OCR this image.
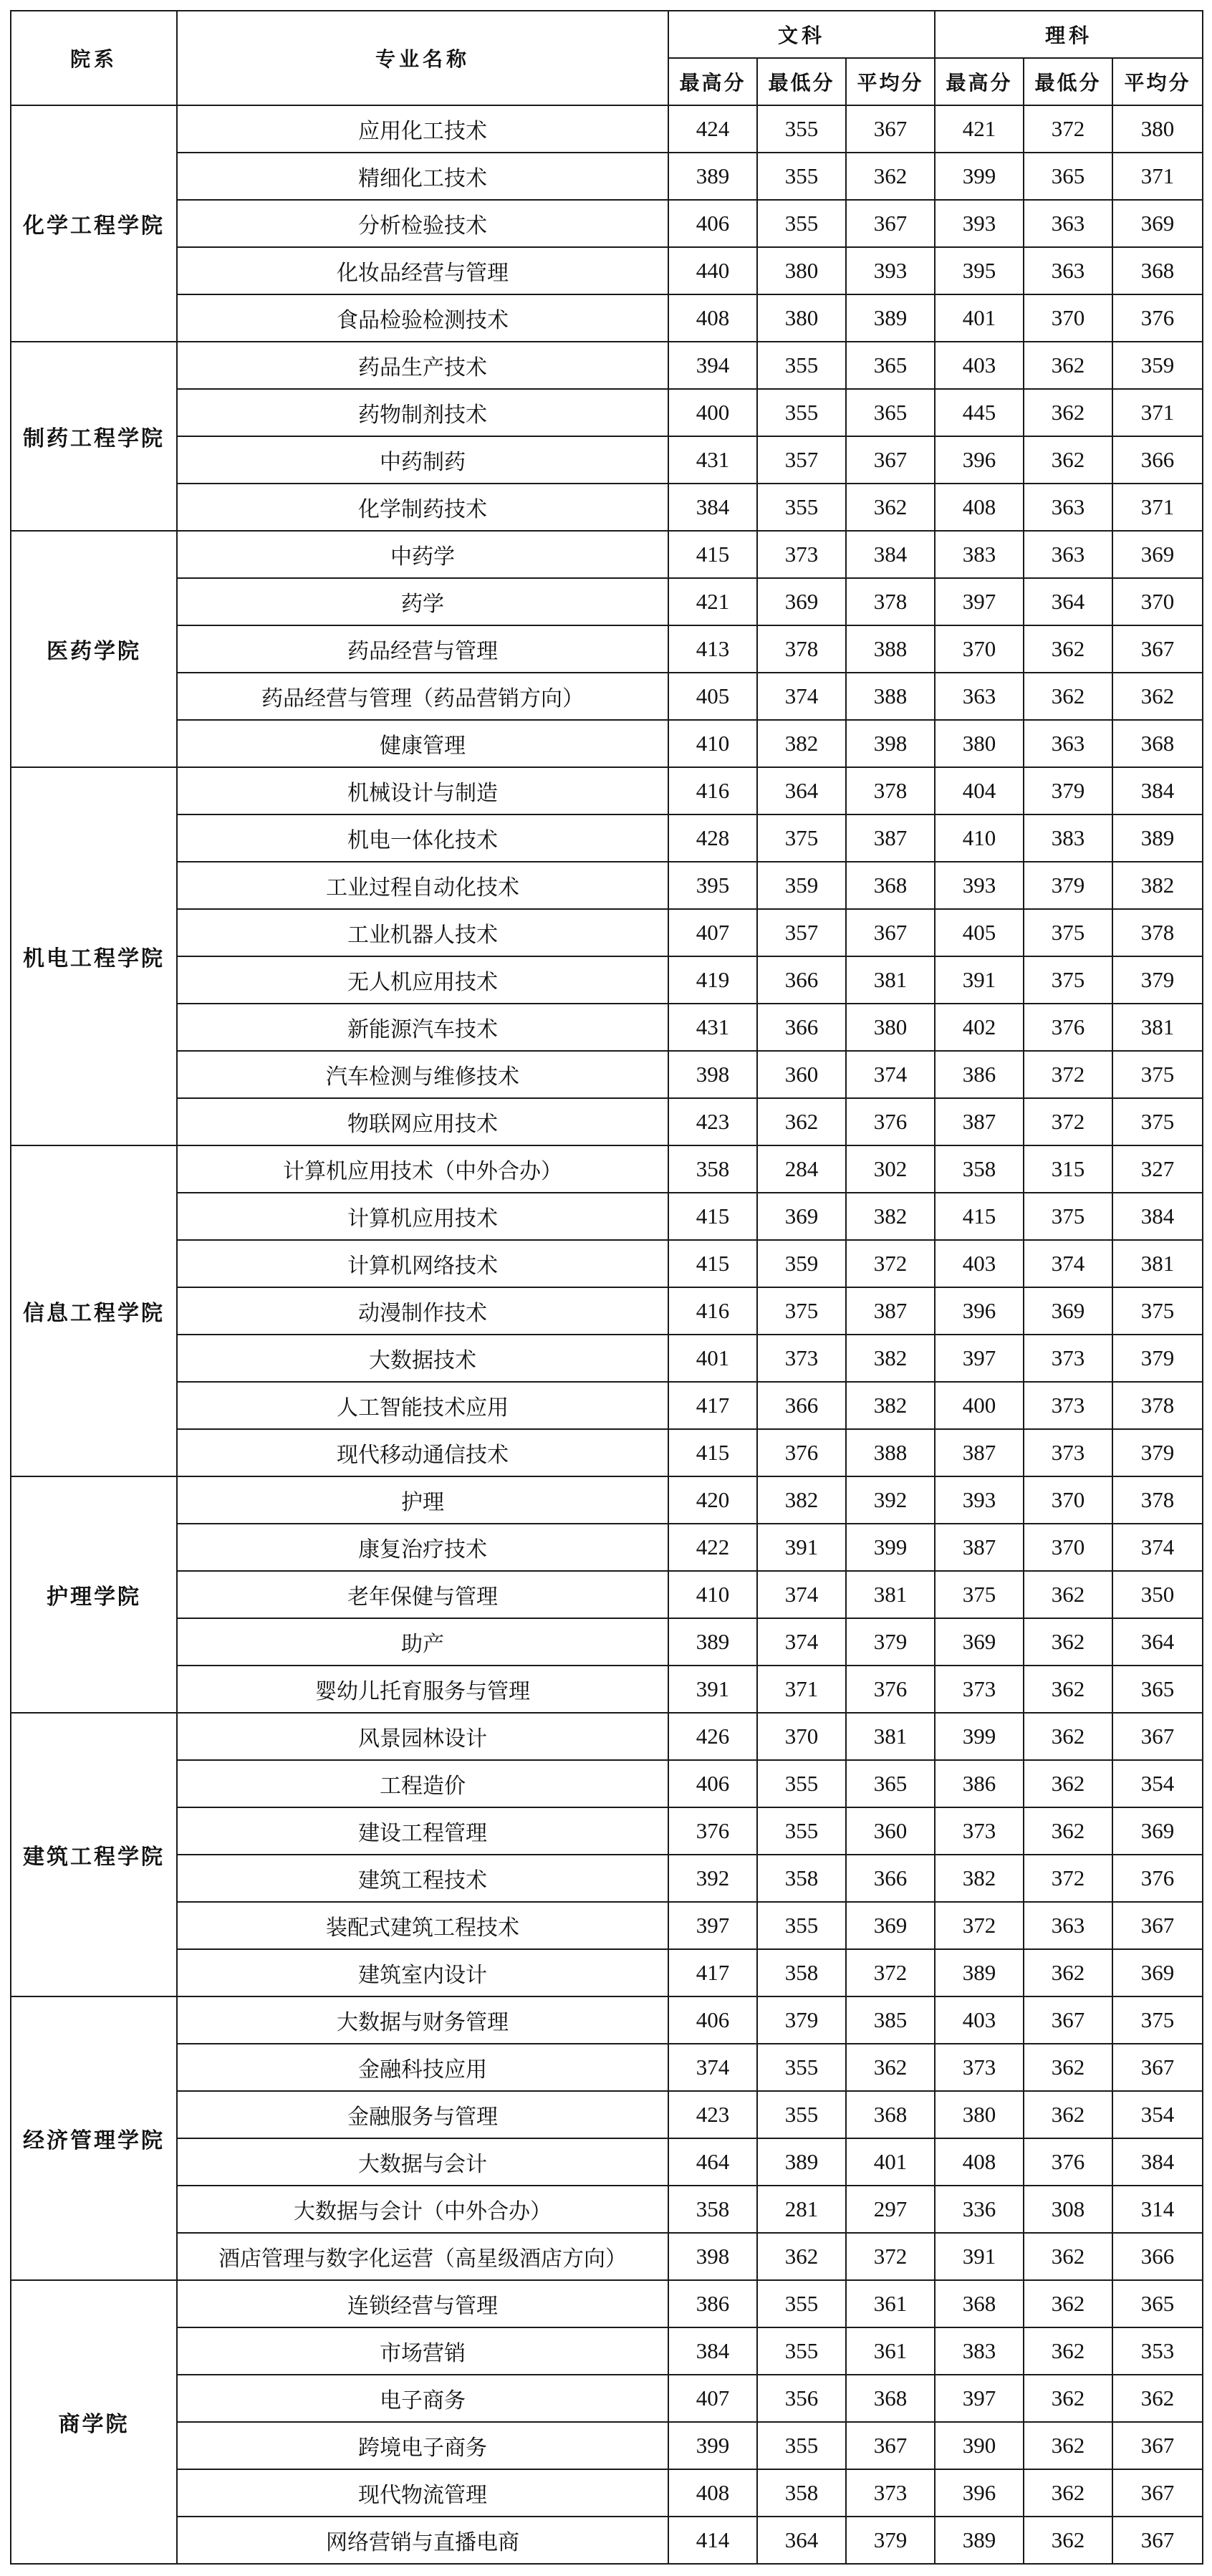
院系	专业名称	文科			理科		
		最高分	最低分	平均分	最高分	最低分	平均分
化学工程学院	应用化工技术	424	355	367	421	372	380
	精细化工技术	389	355	362	399	365	371
	分析检验技术	406	355	367	393	363	369
	化妆品经营与管理	440	380	393	395	363	368
	食品检验检测技术	408	380	389	401	370	376
制药工程学院	药品生产技术	394	355	365	403	362	359
	药物制剂技术	400	355	365	445	362	371
	中药制药	431	357	367	396	362	366
	化学制药技术	384	355	362	408	363	371
医药学院	中药学	415	373	384	383	363	369
	药学	421	369	378	397	364	370
	药品经营与管理	413	378	388	370	362	367
	药品经营与管理（药品营销方向）	405	374	388	363	362	362
	健康管理	410	382	398	380	363	368
机电工程学院	机械设计与制造	416	364	378	404	379	384
	机电一体化技术	428	375	387	410	383	389
	工业过程自动化技术	395	359	368	393	379	382
	工业机器人技术	407	357	367	405	375	378
	无人机应用技术	419	366	381	391	375	379
	新能源汽车技术	431	366	380	402	376	381
	汽车检测与维修技术	398	360	374	386	372	375
	物联网应用技术	423	362	376	387	372	375
信息工程学院	计算机应用技术（中外合办）	358	284	302	358	315	327
	计算机应用技术	415	369	382	415	375	384
	计算机网络技术	415	359	372	403	374	381
	动漫制作技术	416	375	387	396	369	375
	大数据技术	401	373	382	397	373	379
	人工智能技术应用	417	366	382	400	373	378
	现代移动通信技术	415	376	388	387	373	379
护理学院	护理	420	382	392	393	370	378
	康复治疗技术	422	391	399	387	370	374
	老年保健与管理	410	374	381	375	362	350
	助产	389	374	379	369	362	364
	婴幼儿托育服务与管理	391	371	376	373	362	365
建筑工程学院	风景园林设计	426	370	381	399	362	367
	工程造价	406	355	365	386	362	354
	建设工程管理	376	355	360	373	362	369
	建筑工程技术	392	358	366	382	372	376
	装配式建筑工程技术	397	355	369	372	363	367
	建筑室内设计	417	358	372	389	362	369
经济管理学院	大数据与财务管理	406	379	385	403	367	375
	金融科技应用	374	355	362	373	362	367
	金融服务与管理	423	355	368	380	362	354
	大数据与会计	464	389	401	408	376	384
	大数据与会计（中外合办）	358	281	297	336	308	314
	酒店管理与数字化运营（高星级酒店方向）	398	362	372	391	362	366
商学院	连锁经营与管理	386	355	361	368	362	365
	市场营销	384	355	361	383	362	353
	电子商务	407	356	368	397	362	362
	跨境电子商务	399	355	367	390	362	367
	现代物流管理	408	358	373	396	362	367
	网络营销与直播电商	414	364	379	389	362	367
